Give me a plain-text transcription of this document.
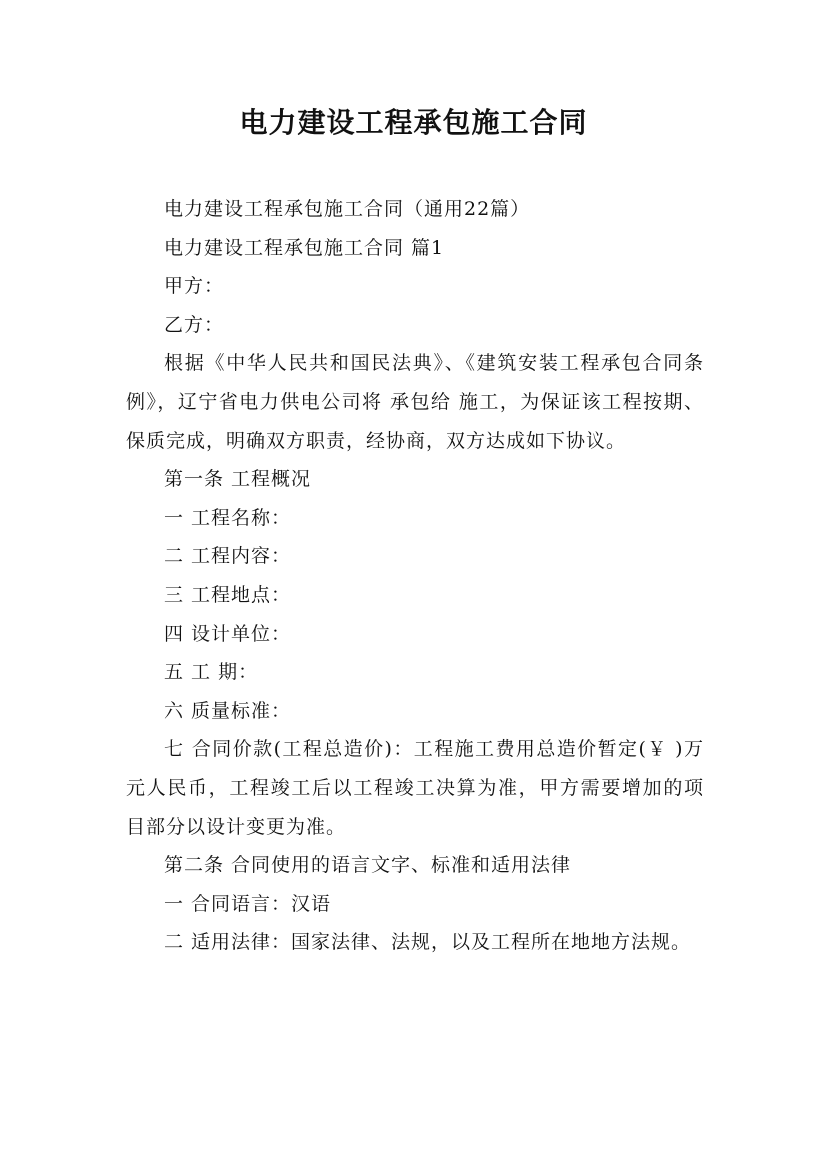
电力建设工程承包施工合同

电力建设工程承包施工合同（通用22篇）

电力建设工程承包施工合同 篇1

甲方：

乙方：

根据《中华人民共和国民法典》、《建筑安装工程承包合同条例》，辽宁省电力供电公司将 承包给 施工，为保证该工程按期、保质完成，明确双方职责，经协商，双方达成如下协议。

第一条 工程概况

一 工程名称：

二 工程内容：

三 工程地点：

四 设计单位：

五 工 期：

六 质量标准：

七 合同价款(工程总造价)：工程施工费用总造价暂定(￥ )万元人民币，工程竣工后以工程竣工决算为准，甲方需要增加的项目部分以设计变更为准。

第二条 合同使用的语言文字、标准和适用法律

一 合同语言：汉语

二 适用法律：国家法律、法规，以及工程所在地地方法规。
